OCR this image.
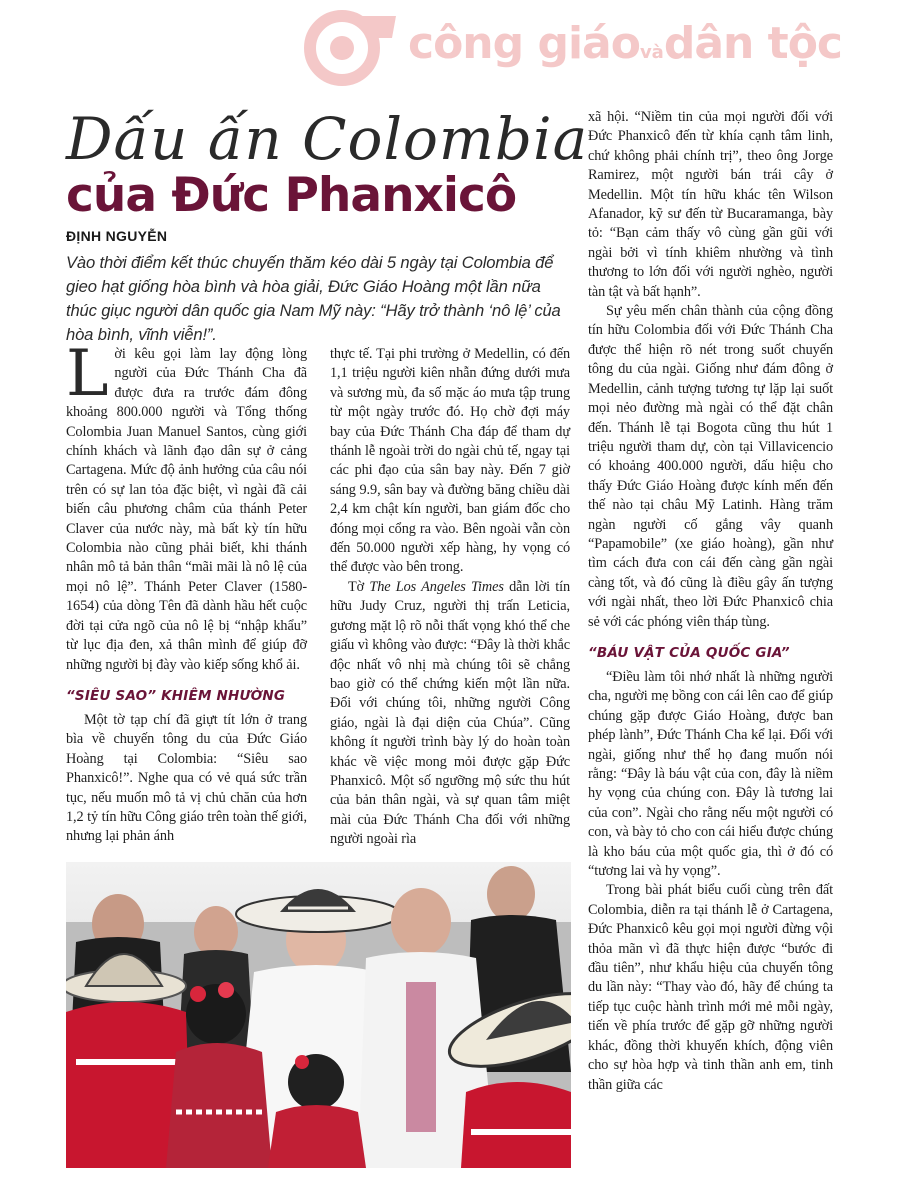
công giáovàdân tộc
Dấu ấn Colombia
của Đức Phanxicô
ĐỊNH NGUYỄN
Vào thời điểm kết thúc chuyến thăm kéo dài 5 ngày tại Colombia để gieo hạt giống hòa bình và hòa giải, Đức Giáo Hoàng một lần nữa thúc giục người dân quốc gia Nam Mỹ này: “Hãy trở thành ‘nô lệ’ của hòa bình, vĩnh viễn!”.

Lời kêu gọi làm lay động lòng người của Đức Thánh Cha đã được đưa ra trước đám đông khoảng 800.000 người và Tổng thống Colombia Juan Manuel Santos, cùng giới chính khách và lãnh đạo dân sự ở cảng Cartagena. Mức độ ảnh hưởng của câu nói trên có sự lan tỏa đặc biệt, vì ngài đã cải biến câu phương châm của thánh Peter Claver của nước này, mà bất kỳ tín hữu Colombia nào cũng phải biết, khi thánh nhân mô tả bản thân “mãi mãi là nô lệ của mọi nô lệ”. Thánh Peter Claver (1580-1654) của dòng Tên đã dành hầu hết cuộc đời tại cửa ngõ của nô lệ bị “nhập khẩu” từ lục địa đen, xả thân mình để giúp đỡ những người bị đày vào kiếp sống khổ ải.

“SIÊU SAO” KHIÊM NHƯỜNG

Một tờ tạp chí đã giựt tít lớn ở trang bìa về chuyến tông du của Đức Giáo Hoàng tại Colombia: “Siêu sao Phanxicô!”. Nghe qua có vẻ quá sức trần tục, nếu muốn mô tả vị chủ chăn của hơn 1,2 tỷ tín hữu Công giáo trên toàn thế giới, nhưng lại phản ánh

thực tế. Tại phi trường ở Medellin, có đến 1,1 triệu người kiên nhẫn đứng dưới mưa và sương mù, đa số mặc áo mưa tập trung từ một ngày trước đó. Họ chờ đợi máy bay của Đức Thánh Cha đáp để tham dự thánh lễ ngoài trời do ngài chủ tế, ngay tại các phi đạo của sân bay này. Đến 7 giờ sáng 9.9, sân bay và đường băng chiều dài 2,4 km chật kín người, ban giám đốc cho đóng mọi cổng ra vào. Bên ngoài vẫn còn đến 50.000 người xếp hàng, hy vọng có thể được vào bên trong.

Tờ The Los Angeles Times dẫn lời tín hữu Judy Cruz, người thị trấn Leticia, gương mặt lộ rõ nỗi thất vọng khó thể che giấu vì không vào được: “Đây là thời khắc độc nhất vô nhị mà chúng tôi sẽ chẳng bao giờ có thể chứng kiến một lần nữa. Đối với chúng tôi, những người Công giáo, ngài là đại diện của Chúa”. Cũng không ít người trình bày lý do hoàn toàn khác về việc mong mỏi được gặp Đức Phanxicô. Một số ngưỡng mộ sức thu hút của bản thân ngài, và sự quan tâm miệt mài của Đức Thánh Cha đối với những người ngoài rìa

xã hội. “Niềm tin của mọi người đối với Đức Phanxicô đến từ khía cạnh tâm linh, chứ không phải chính trị”, theo ông Jorge Ramirez, một người bán trái cây ở Medellin. Một tín hữu khác tên Wilson Afanador, kỹ sư đến từ Bucaramanga, bày tỏ: “Bạn cảm thấy vô cùng gần gũi với ngài bởi vì tính khiêm nhường và tình thương to lớn đối với người nghèo, người tàn tật và bất hạnh”.

Sự yêu mến chân thành của cộng đồng tín hữu Colombia đối với Đức Thánh Cha được thể hiện rõ nét trong suốt chuyến tông du của ngài. Giống như đám đông ở Medellin, cảnh tượng tương tự lặp lại suốt mọi nẻo đường mà ngài có thể đặt chân đến. Thánh lễ tại Bogota cũng thu hút 1 triệu người tham dự, còn tại Villavicencio có khoảng 400.000 người, dấu hiệu cho thấy Đức Giáo Hoàng được kính mến đến thế nào tại châu Mỹ Latinh. Hàng trăm ngàn người cố gắng vây quanh “Papamobile” (xe giáo hoàng), gần như tìm cách đưa con cái đến càng gần ngài càng tốt, và đó cũng là điều gây ấn tượng với ngài nhất, theo lời Đức Phanxicô chia sẻ với các phóng viên tháp tùng.

“BÁU VẬT CỦA QUỐC GIA”

“Điều làm tôi nhớ nhất là những người cha, người mẹ bồng con cái lên cao để giúp chúng gặp được Giáo Hoàng, được ban phép lành”, Đức Thánh Cha kể lại. Đối với ngài, giống như thể họ đang muốn nói rằng: “Đây là báu vật của con, đây là niềm hy vọng của chúng con. Đây là tương lai của con”. Ngài cho rằng nếu một người có con, và bày tỏ cho con cái hiểu được chúng là kho báu của một quốc gia, thì ở đó có “tương lai và hy vọng”.

Trong bài phát biểu cuối cùng trên đất Colombia, diễn ra tại thánh lễ ở Cartagena, Đức Phanxicô kêu gọi mọi người đừng vội thỏa mãn vì đã thực hiện được “bước đi đầu tiên”, như khẩu hiệu của chuyến tông du lần này: “Thay vào đó, hãy để chúng ta tiếp tục cuộc hành trình mới mẻ mỗi ngày, tiến về phía trước để gặp gỡ những người khác, đồng thời khuyến khích, động viên cho sự hòa hợp và tinh thần anh em, tinh thần giữa các
